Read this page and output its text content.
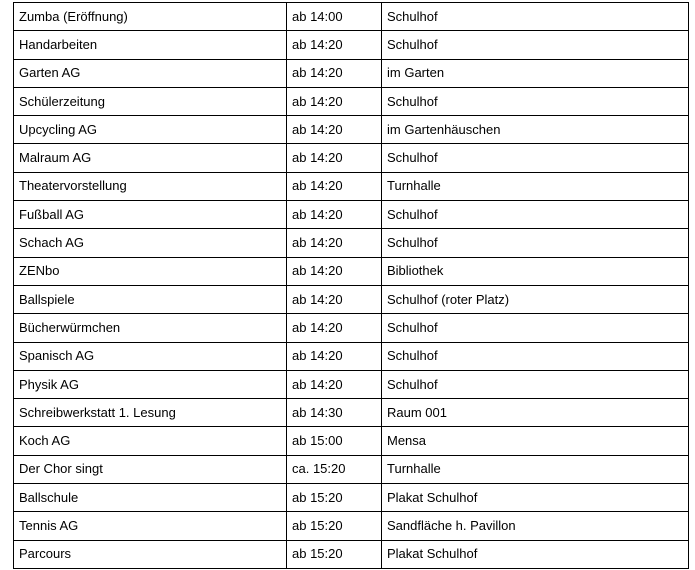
Zumba (Eröffnung)	ab 14:00	Schulhof
Handarbeiten	ab 14:20	Schulhof
Garten AG	ab 14:20	im Garten
Schülerzeitung	ab 14:20	Schulhof
Upcycling AG	ab 14:20	im Gartenhäuschen
Malraum AG	ab 14:20	Schulhof
Theatervorstellung	ab 14:20	Turnhalle
Fußball AG	ab 14:20	Schulhof
Schach AG	ab 14:20	Schulhof
ZENbo	ab 14:20	Bibliothek
Ballspiele	ab 14:20	Schulhof (roter Platz)
Bücherwürmchen	ab 14:20	Schulhof
Spanisch AG	ab 14:20	Schulhof
Physik AG	ab 14:20	Schulhof
Schreibwerkstatt 1. Lesung	ab 14:30	Raum 001
Koch AG	ab 15:00	Mensa
Der Chor singt	ca. 15:20	Turnhalle
Ballschule	ab 15:20	Plakat Schulhof
Tennis AG	ab 15:20	Sandfläche h. Pavillon
Parcours	ab 15:20	Plakat Schulhof
